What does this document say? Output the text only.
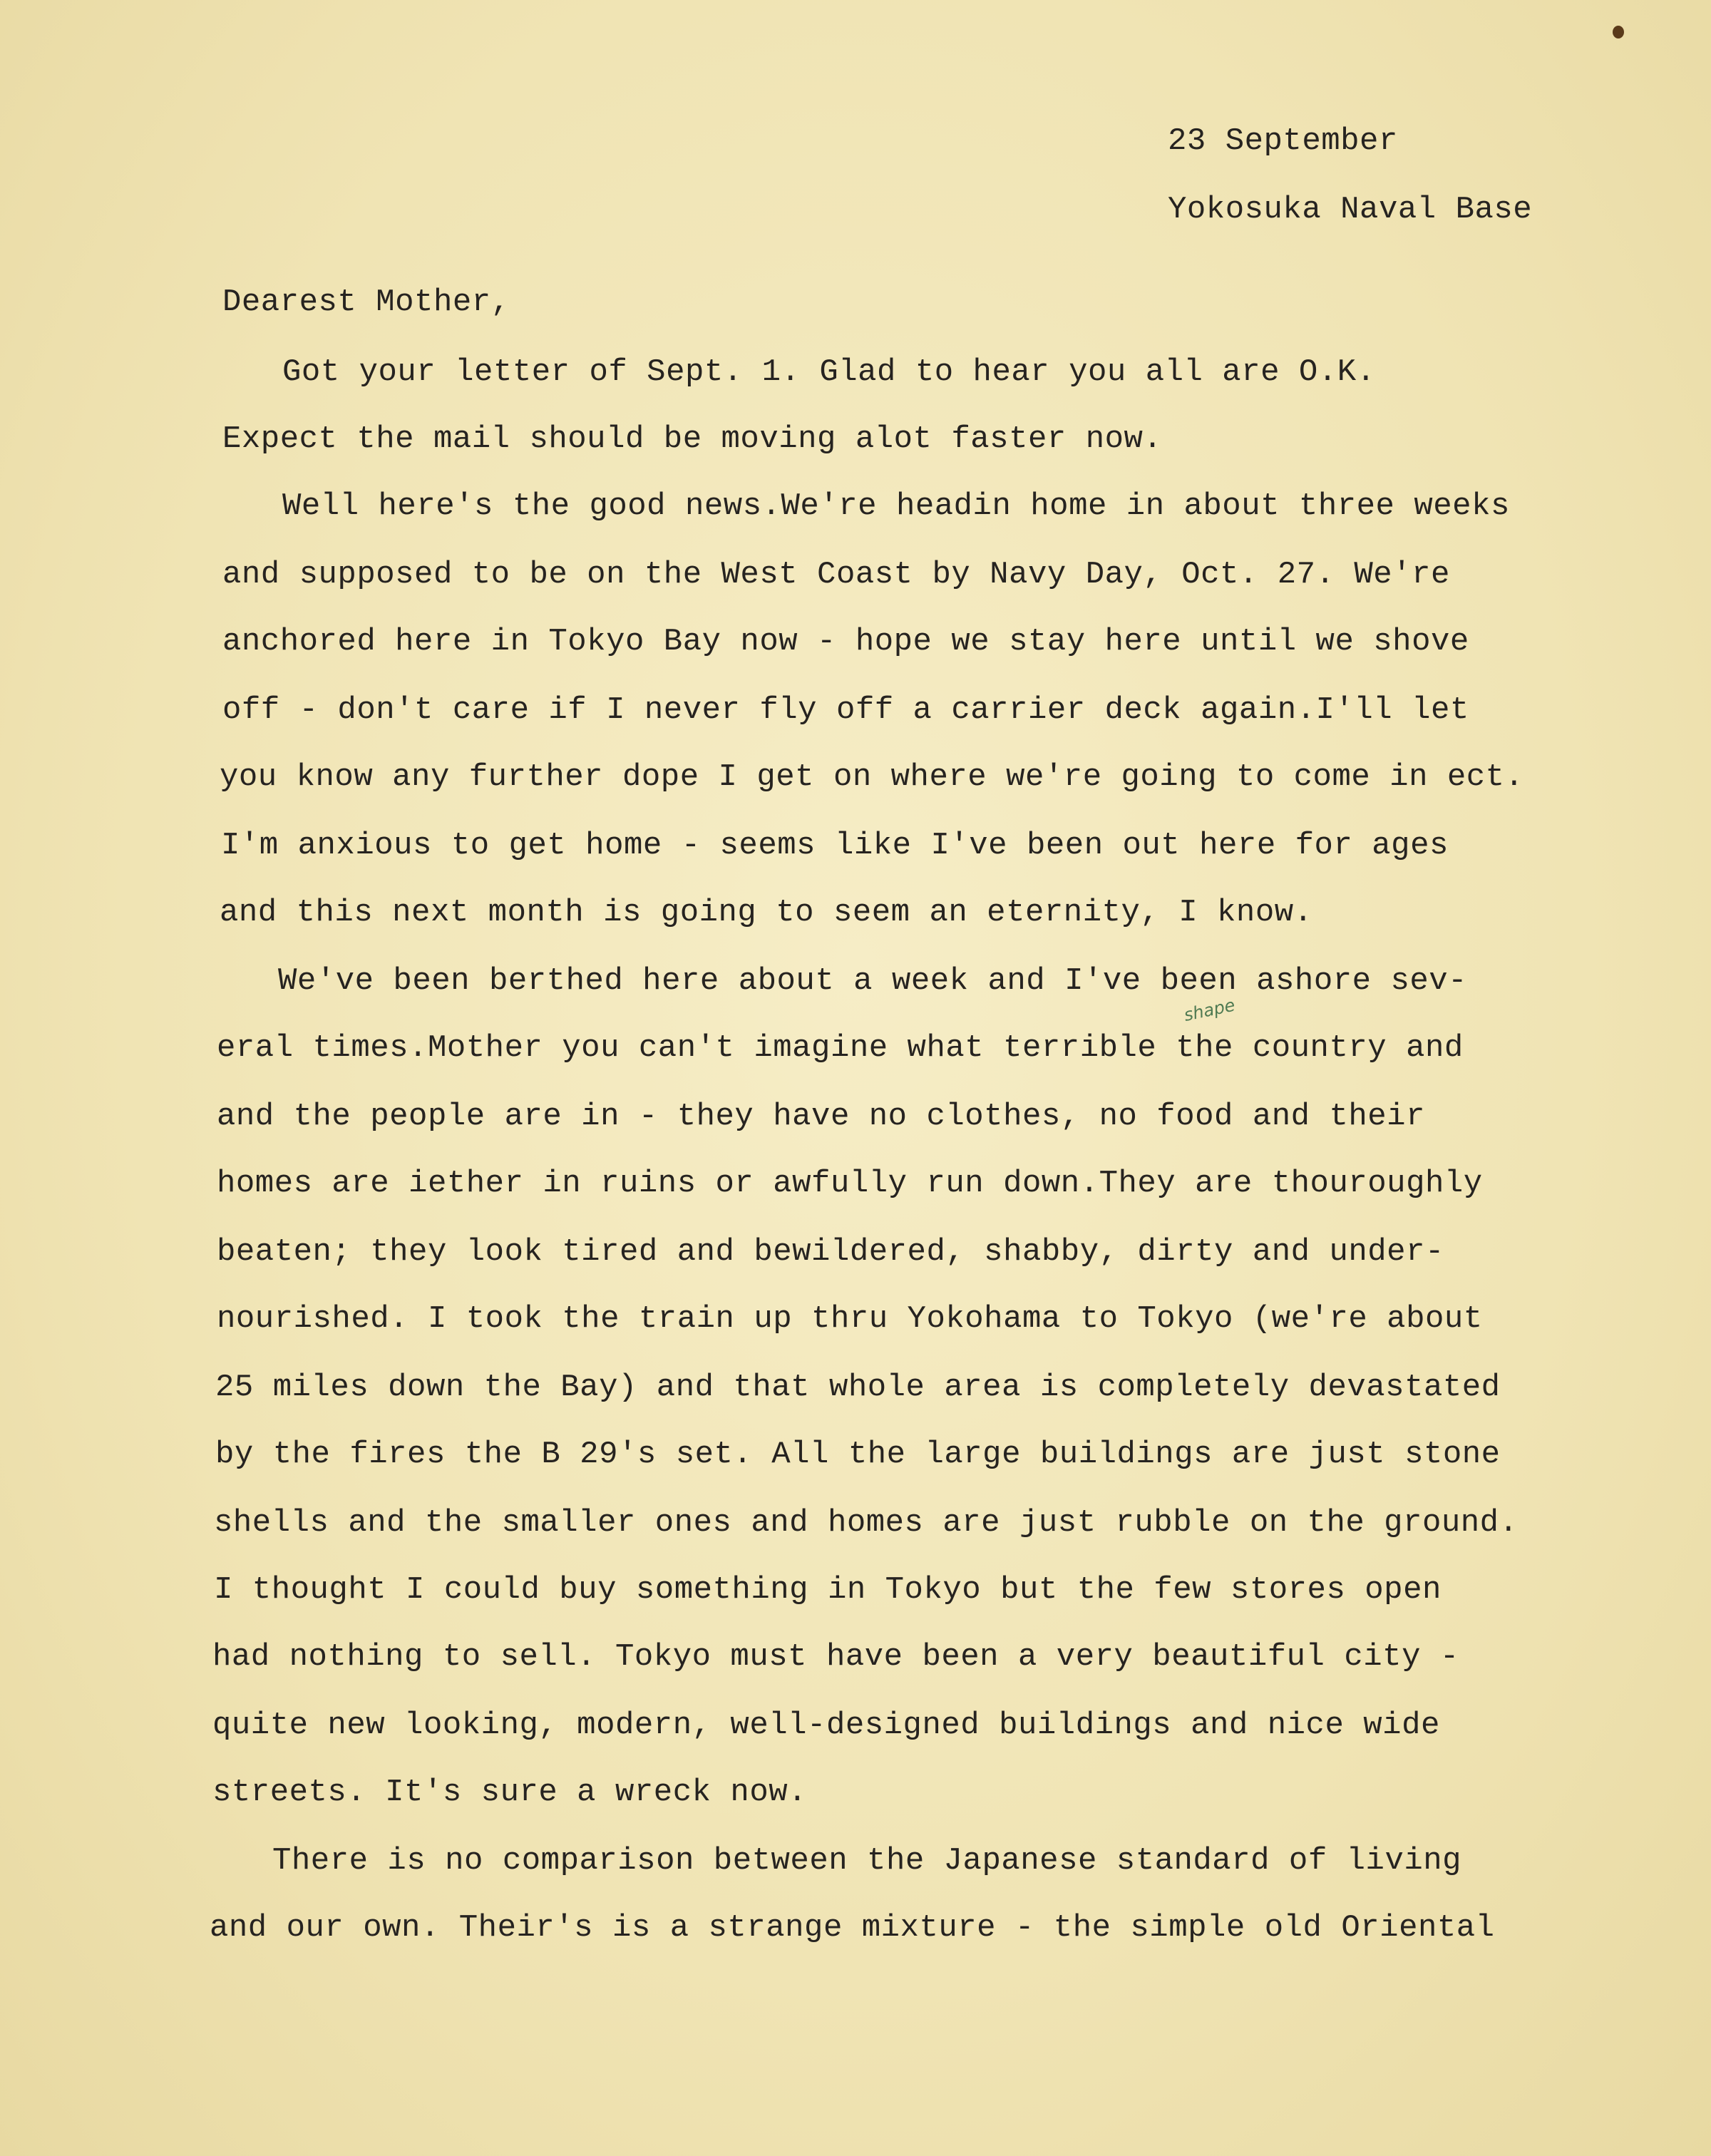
23 September

Yokosuka Naval Base

Dearest Mother,

Got your letter of Sept. 1. Glad to hear you all are O.K.

Expect the mail should be moving alot faster now.

Well here's the good news.We're headin home in about three weeks

and supposed to be on the West Coast by Navy Day, Oct. 27. We're

anchored here in Tokyo Bay now - hope we stay here until we shove

off - don't care if I never fly off a carrier deck again.I'll let

you know any further dope I get on where we're going to come in ect.

I'm anxious to get home - seems like I've been out here for ages

and this next month is going to seem an eternity, I know.

We've been berthed here about a week and I've been ashore sev-

eral times.Mother you can't imagine what terrible the country and

and the people are in - they have no clothes, no food and their

homes are iether in ruins or awfully run down.They are thouroughly

beaten; they look tired and bewildered, shabby, dirty and under-

nourished. I took the train up thru Yokohama to Tokyo (we're about

25 miles down the Bay) and that whole area is completely devastated

by the fires the B 29's set. All the large buildings are just stone

shells and the smaller ones and homes are just rubble on the ground.

I thought I could buy something in Tokyo but the few stores open

had nothing to sell. Tokyo must have been a very beautiful city -

quite new looking, modern, well-designed buildings and nice wide

streets. It's sure a wreck now.

There is no comparison between the Japanese standard of living

and our own. Their's is a strange mixture - the simple old Oriental

shape
